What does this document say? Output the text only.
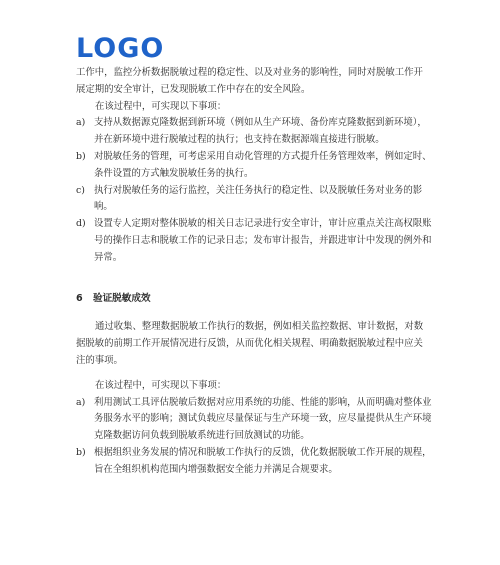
LOGO

工作中，监控分析数据脱敏过程的稳定性、以及对业务的影响性，同时对脱敏工作开展定期的安全审计，已发现脱敏工作中存在的安全风险。

在该过程中，可实现以下事项：

a) 支持从数据源克隆数据到新环境（例如从生产环境、备份库克隆数据到新环境），并在新环境中进行脱敏过程的执行；也支持在数据源端直接进行脱敏。
b) 对脱敏任务的管理，可考虑采用自动化管理的方式提升任务管理效率，例如定时、条件设置的方式触发脱敏任务的执行。
c) 执行对脱敏任务的运行监控，关注任务执行的稳定性、以及脱敏任务对业务的影响。
d) 设置专人定期对整体脱敏的相关日志记录进行安全审计，审计应重点关注高权限账号的操作日志和脱敏工作的记录日志；发布审计报告，并跟进审计中发现的例外和异常。
6 验证脱敏成效

通过收集、整理数据脱敏工作执行的数据，例如相关监控数据、审计数据，对数据脱敏的前期工作开展情况进行反馈，从而优化相关规程、明确数据脱敏过程中应关注的事项。

在该过程中，可实现以下事项：

a) 利用测试工具评估脱敏后数据对应用系统的功能、性能的影响，从而明确对整体业务服务水平的影响；测试负载应尽量保证与生产环境一致，应尽量提供从生产环境克隆数据访问负载到脱敏系统进行回放测试的功能。
b) 根据组织业务发展的情况和脱敏工作执行的反馈，优化数据脱敏工作开展的规程，旨在全组织机构范围内增强数据安全能力并满足合规要求。
